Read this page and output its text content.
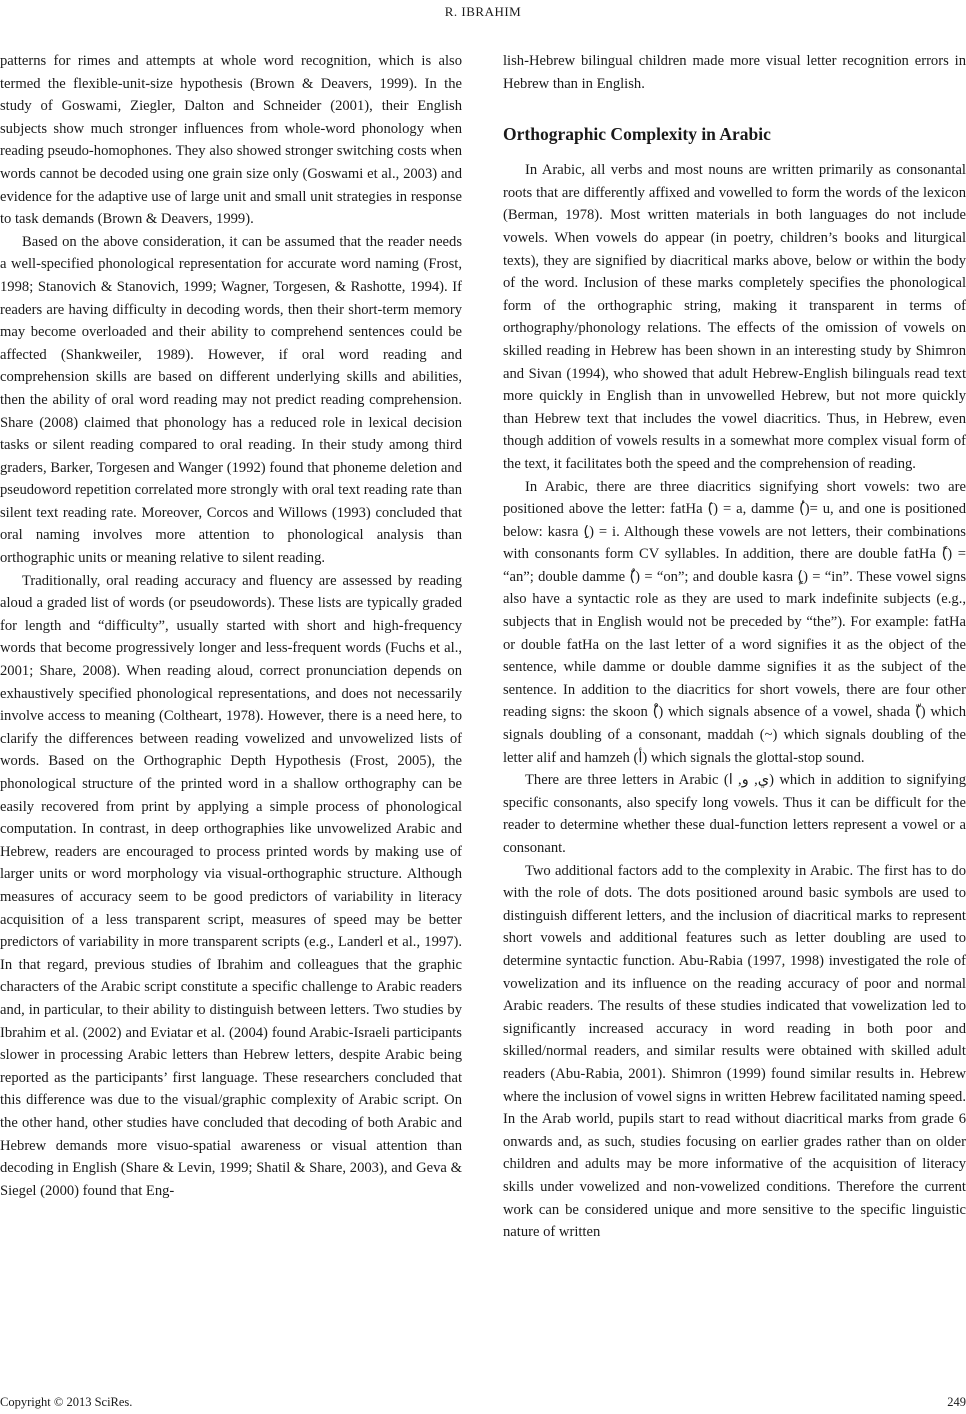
R. IBRAHIM

patterns for rimes and attempts at whole word recognition, which is also termed the flexible-unit-size hypothesis (Brown & Deavers, 1999). In the study of Goswami, Ziegler, Dalton and Schneider (2001), their English subjects show much stronger influences from whole-word phonology when reading pseudo-homophones. They also showed stronger switching costs when words cannot be decoded using one grain size only (Goswami et al., 2003) and evidence for the adaptive use of large unit and small unit strategies in response to task demands (Brown & Deavers, 1999).

Based on the above consideration, it can be assumed that the reader needs a well-specified phonological representation for accurate word naming (Frost, 1998; Stanovich & Stanovich, 1999; Wagner, Torgesen, & Rashotte, 1994). If readers are having difficulty in decoding words, then their short-term memory may become overloaded and their ability to comprehend sentences could be affected (Shankweiler, 1989). However, if oral word reading and comprehension skills are based on different underlying skills and abilities, then the ability of oral word reading may not predict reading comprehension. Share (2008) claimed that phonology has a reduced role in lexical decision tasks or silent reading compared to oral reading. In their study among third graders, Barker, Torgesen and Wanger (1992) found that phoneme deletion and pseudoword repetition correlated more strongly with oral text reading rate than silent text reading rate. Moreover, Corcos and Willows (1993) concluded that oral naming involves more attention to phonological analysis than orthographic units or meaning relative to silent reading.

Traditionally, oral reading accuracy and fluency are assessed by reading aloud a graded list of words (or pseudowords). These lists are typically graded for length and “difficulty”, usually started with short and high-frequency words that become progressively longer and less-frequent words (Fuchs et al., 2001; Share, 2008). When reading aloud, correct pronunciation depends on exhaustively specified phonological representations, and does not necessarily involve access to meaning (Coltheart, 1978). However, there is a need here, to clarify the differences between reading vowelized and unvowelized lists of words. Based on the Orthographic Depth Hypothesis (Frost, 2005), the phonological structure of the printed word in a shallow orthography can be easily recovered from print by applying a simple process of phonological computation. In contrast, in deep orthographies like unvowelized Arabic and Hebrew, readers are encouraged to process printed words by making use of larger units or word morphology via visual-orthographic structure. Although measures of accuracy seem to be good predictors of variability in literacy acquisition of a less transparent script, measures of speed may be better predictors of variability in more transparent scripts (e.g., Landerl et al., 1997). In that regard, previous studies of Ibrahim and colleagues that the graphic characters of the Arabic script constitute a specific challenge to Arabic readers and, in particular, to their ability to distinguish between letters. Two studies by Ibrahim et al. (2002) and Eviatar et al. (2004) found Arabic-Israeli participants slower in processing Arabic letters than Hebrew letters, despite Arabic being reported as the participants’ first language. These researchers concluded that this difference was due to the visual/graphic complexity of Arabic script. On the other hand, other studies have concluded that decoding of both Arabic and Hebrew demands more visuo-spatial awareness or visual attention than decoding in English (Share & Levin, 1999; Shatil & Share, 2003), and Geva & Siegel (2000) found that Eng-

lish-Hebrew bilingual children made more visual letter recognition errors in Hebrew than in English.

Orthographic Complexity in Arabic

In Arabic, all verbs and most nouns are written primarily as consonantal roots that are differently affixed and vowelled to form the words of the lexicon (Berman, 1978). Most written materials in both languages do not include vowels. When vowels do appear (in poetry, children’s books and liturgical texts), they are signified by diacritical marks above, below or within the body of the word. Inclusion of these marks completely specifies the phonological form of the orthographic string, making it transparent in terms of orthography/phonology relations. The effects of the omission of vowels on skilled reading in Hebrew has been shown in an interesting study by Shimron and Sivan (1994), who showed that adult Hebrew-English bilinguals read text more quickly in English than in unvowelled Hebrew, but not more quickly than Hebrew text that includes the vowel diacritics. Thus, in Hebrew, even though addition of vowels results in a somewhat more complex visual form of the text, it facilitates both the speed and the comprehension of reading.

In Arabic, there are three diacritics signifying short vowels: two are positioned above the letter: fatHa (َ) = a, damme (ُ)= u, and one is positioned below: kasra (ِ) = i. Although these vowels are not letters, their combinations with consonants form CV syllables. In addition, there are double fatHa (ً) = “an”; double damme (ٌ) = “on”; and double kasra (ٍ) = “in”. These vowel signs also have a syntactic role as they are used to mark indefinite subjects (e.g., subjects that in English would not be preceded by “the”). For example: fatHa or double fatHa on the last letter of a word signifies it as the object of the sentence, while damme or double damme signifies it as the subject of the sentence. In addition to the diacritics for short vowels, there are four other reading signs: the skoon (ْ) which signals absence of a vowel, shada (ّ) which signals doubling of a consonant, maddah (~) which signals doubling of the letter alif and hamzeh (أ) which signals the glottal-stop sound.

There are three letters in Arabic (ي, و, ا) which in addition to signifying specific consonants, also specify long vowels. Thus it can be difficult for the reader to determine whether these dual-function letters represent a vowel or a consonant.

Two additional factors add to the complexity in Arabic. The first has to do with the role of dots. The dots positioned around basic symbols are used to distinguish different letters, and the inclusion of diacritical marks to represent short vowels and additional features such as letter doubling are used to determine syntactic function. Abu-Rabia (1997, 1998) investigated the role of vowelization and its influence on the reading accuracy of poor and normal Arabic readers. The results of these studies indicated that vowelization led to significantly increased accuracy in word reading in both poor and skilled/normal readers, and similar results were obtained with skilled adult readers (Abu-Rabia, 2001). Shimron (1999) found similar results in. Hebrew where the inclusion of vowel signs in written Hebrew facilitated naming speed. In the Arab world, pupils start to read without diacritical marks from grade 6 onwards and, as such, studies focusing on earlier grades rather than on older children and adults may be more informative of the acquisition of literacy skills under vowelized and non-vowelized conditions. Therefore the current work can be considered unique and more sensitive to the specific linguistic nature of written

Copyright © 2013 SciRes.	249
